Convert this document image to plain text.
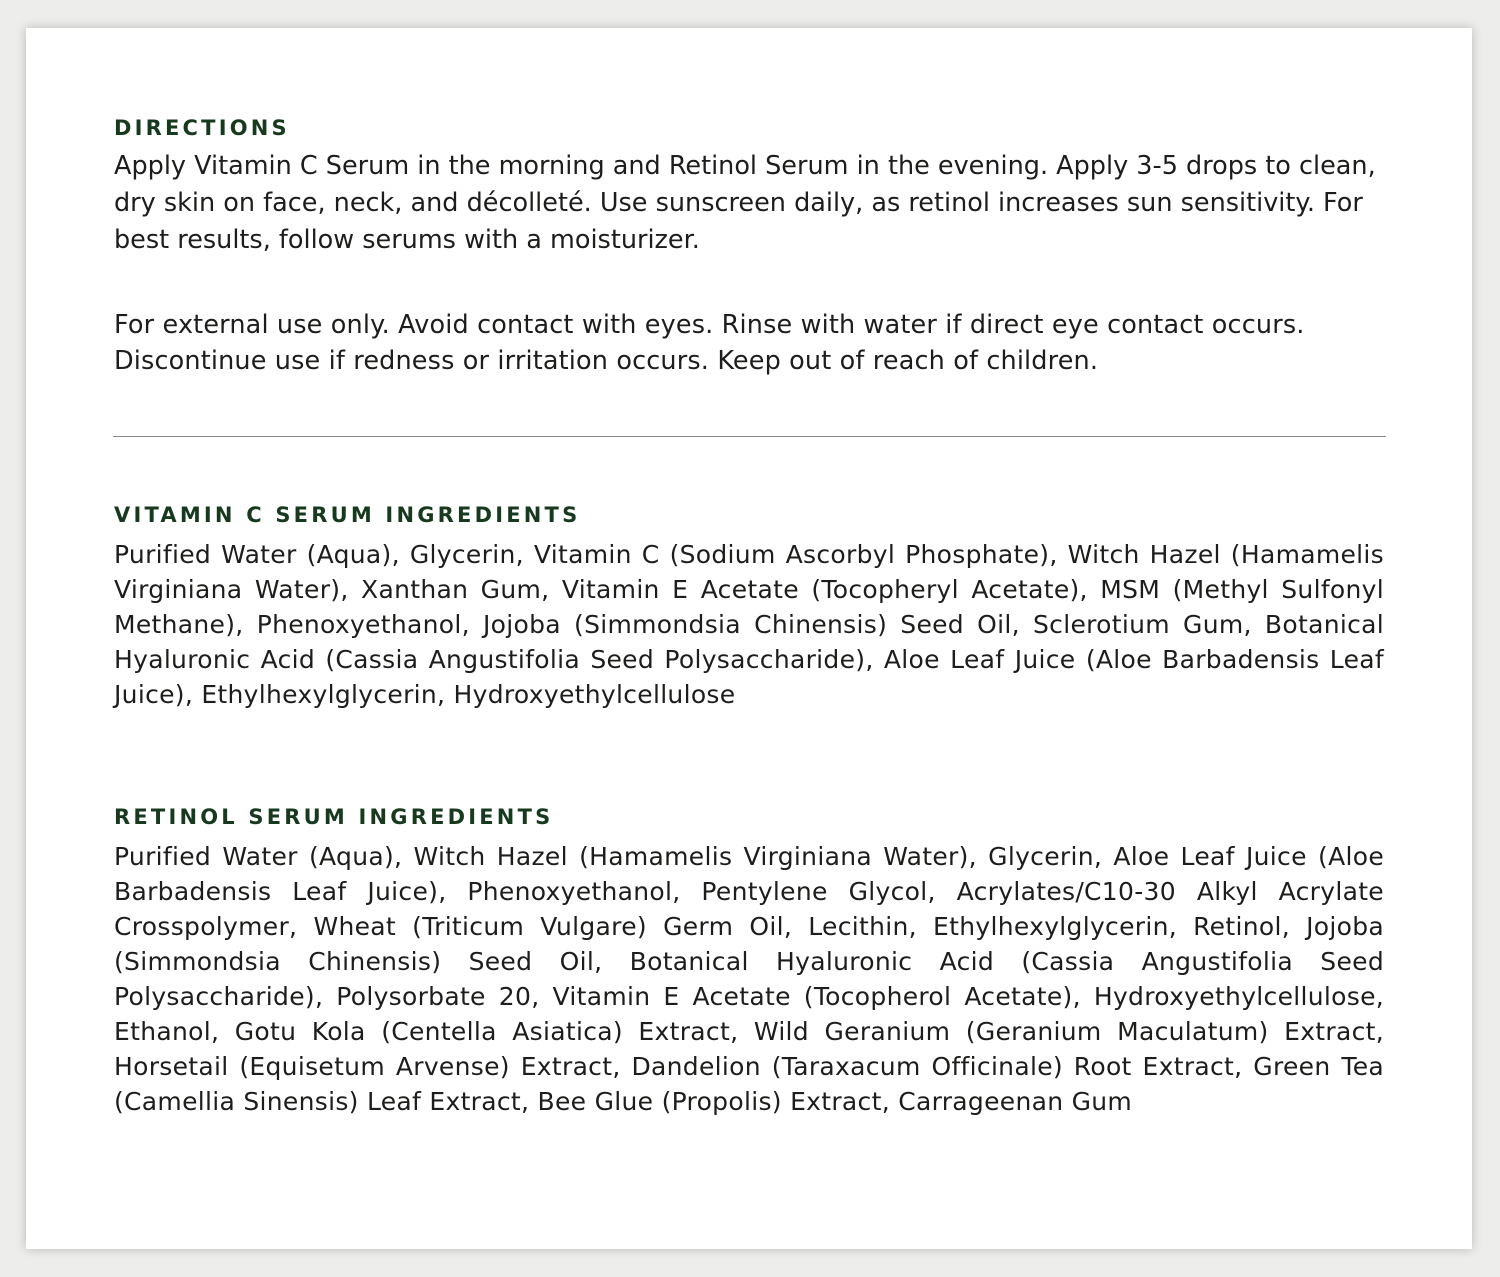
DIRECTIONS

Apply Vitamin C Serum in the morning and Retinol Serum in the evening. Apply 3-5 drops to clean, dry skin on face, neck, and décolleté. Use sunscreen daily, as retinol increases sun sensitivity. For best results, follow serums with a moisturizer.

For external use only. Avoid contact with eyes. Rinse with water if direct eye contact occurs. Discontinue use if redness or irritation occurs. Keep out of reach of children.

VITAMIN C SERUM INGREDIENTS

Purified Water (Aqua), Glycerin, Vitamin C (Sodium Ascorbyl Phosphate), Witch Hazel (Hamamelis Virginiana Water), Xanthan Gum, Vitamin E Acetate (Tocopheryl Acetate), MSM (Methyl Sulfonyl Methane), Phenoxyethanol, Jojoba (Simmondsia Chinensis) Seed Oil, Sclerotium Gum, Botanical Hyaluronic Acid (Cassia Angustifolia Seed Polysaccharide), Aloe Leaf Juice (Aloe Barbadensis Leaf Juice), Ethylhexylglycerin, Hydroxyethylcellulose

RETINOL SERUM INGREDIENTS

Purified Water (Aqua), Witch Hazel (Hamamelis Virginiana Water), Glycerin, Aloe Leaf Juice (Aloe Barbadensis Leaf Juice), Phenoxyethanol, Pentylene Glycol, Acrylates/C10-30 Alkyl Acrylate Crosspolymer, Wheat (Triticum Vulgare) Germ Oil, Lecithin, Ethylhexylglycerin, Retinol, Jojoba (Simmondsia Chinensis) Seed Oil, Botanical Hyaluronic Acid (Cassia Angustifolia Seed Polysaccharide), Polysorbate 20, Vitamin E Acetate (Tocopherol Acetate), Hydroxyethylcellulose, Ethanol, Gotu Kola (Centella Asiatica) Extract, Wild Geranium (Geranium Maculatum) Extract, Horsetail (Equisetum Arvense) Extract, Dandelion (Taraxacum Officinale) Root Extract, Green Tea (Camellia Sinensis) Leaf Extract, Bee Glue (Propolis) Extract, Carrageenan Gum
